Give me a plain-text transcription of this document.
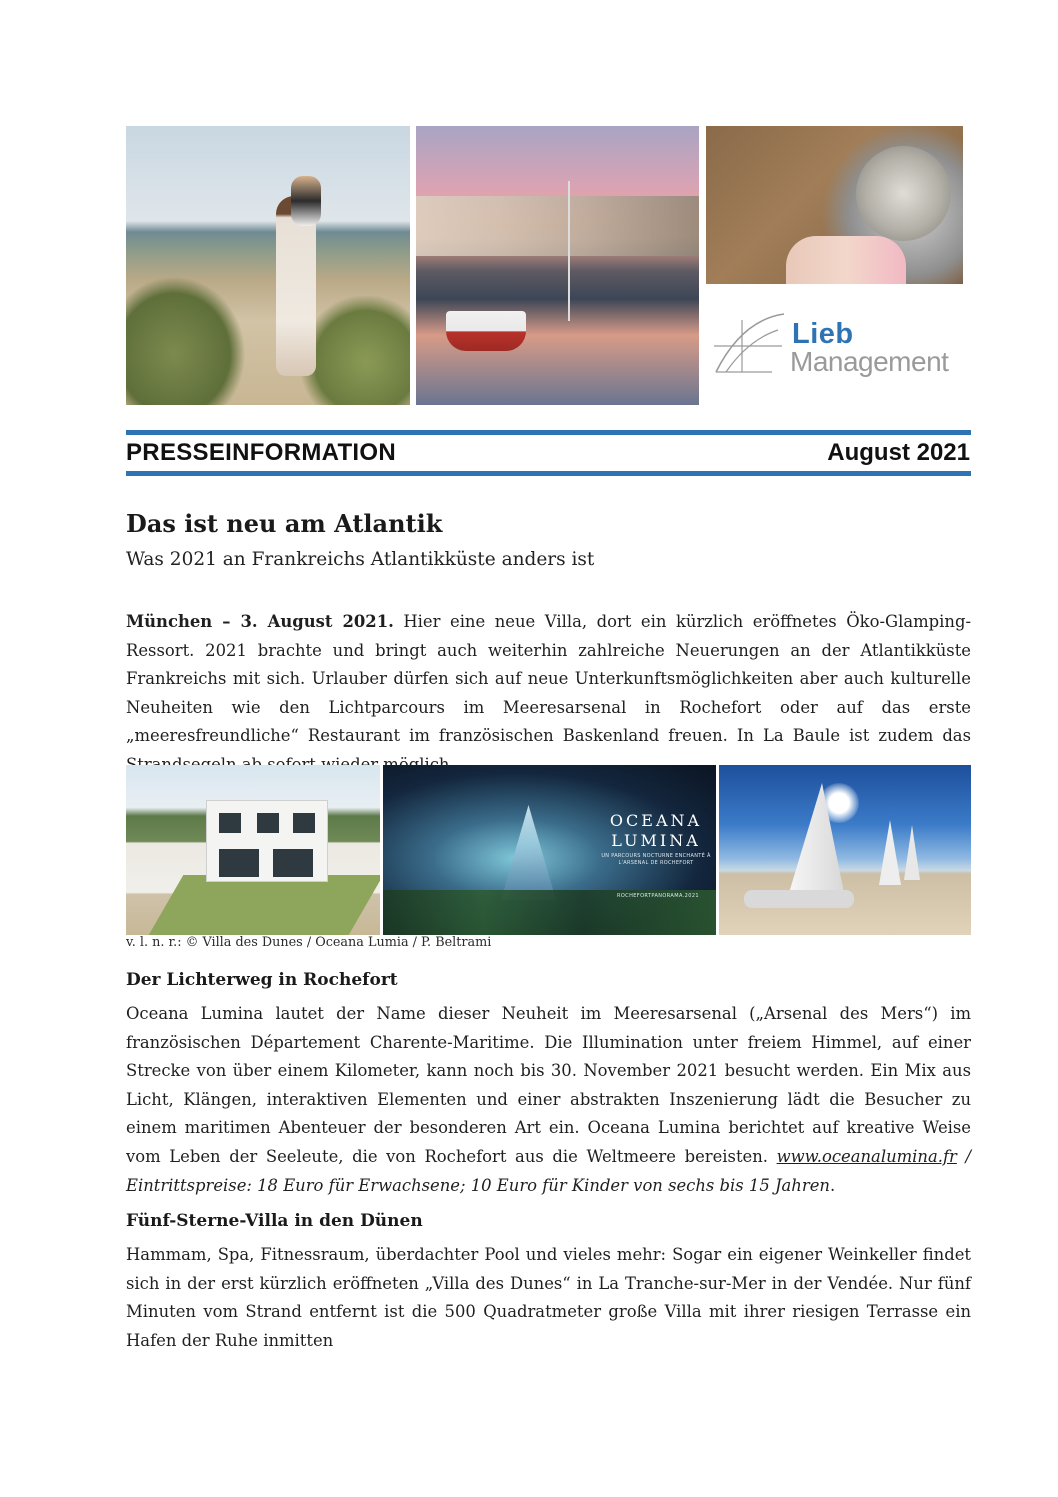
Lieb
Management
PRESSEINFORMATION	August 2021
Das ist neu am Atlantik
Was 2021 an Frankreichs Atlantikküste anders ist

München – 3. August 2021. Hier eine neue Villa, dort ein kürzlich eröffnetes Öko-Glamping-Ressort. 2021 brachte und bringt auch weiterhin zahlreiche Neuerungen an der Atlantikküste Frankreichs mit sich. Urlauber dürfen sich auf neue Unterkunftsmöglichkeiten aber auch kulturelle Neuheiten wie den Lichtparcours im Meeresarsenal in Rochefort oder auf das erste „meeresfreundliche“ Restaurant im französischen Baskenland freuen. In La Baule ist zudem das

OCEANA
LUMINA
UN PARCOURS NOCTURNE ENCHANTÉ À L'ARSENAL DE ROCHEFORT
ROCHEFORTPANORAMA.2021
v. l. n. r.: © Villa des Dunes / Oceana Lumia / P. Beltrami
Der Lichterweg in Rochefort

Oceana Lumina lautet der Name dieser Neuheit im Meeresarsenal („Arsenal des Mers“) im französischen Département Charente-Maritime. Die Illumination unter freiem Himmel, auf einer Strecke von über einem Kilometer, kann noch bis 30. November 2021 besucht werden. Ein Mix aus Licht, Klängen, interaktiven Elementen und einer abstrakten Inszenierung lädt die Besucher zu einem maritimen Abenteuer der besonderen Art ein. Oceana Lumina berichtet auf kreative Weise vom Leben der Seeleute, die von Rochefort aus die Weltmeere bereisten. www.oceanalumina.fr / Eintrittspreise: 18 Euro für Erwachsene; 10 Euro für Kinder von sechs bis 15 Jahren.

Fünf-Sterne-Villa in den Dünen

Hammam, Spa, Fitnessraum, überdachter Pool und vieles mehr: Sogar ein eigener Weinkeller findet sich in der erst kürzlich eröffneten „Villa des Dunes“ in La Tranche-sur-Mer in der Vendée. Nur fünf Minuten vom Strand entfernt ist die 500 Quadratmeter große Villa mit ihrer riesigen Terrasse ein Hafen der Ruhe inmitten
